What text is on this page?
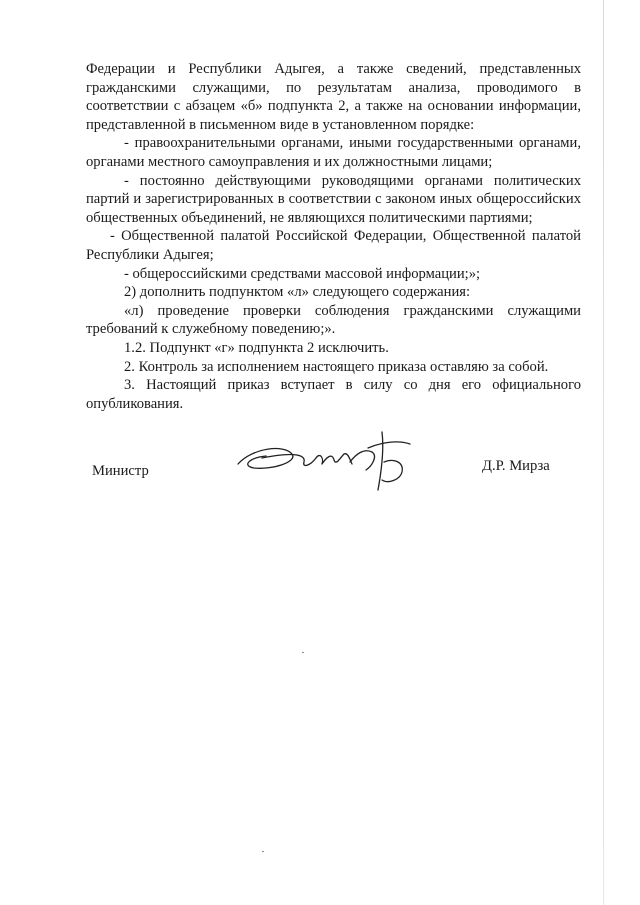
Федерации и Республики Адыгея, а также сведений, представленных гражданскими служащими, по результатам анализа, проводимого в соответствии с абзацем «б» подпункта 2, а также на основании информации, представленной в письменном виде в установленном порядке:

- правоохранительными органами, иными государственными органами, органами местного самоуправления и их должностными лицами;

- постоянно действующими руководящими органами политических партий и зарегистрированных в соответствии с законом иных общероссийских общественных объединений, не являющихся политическими партиями;

- Общественной палатой Российской Федерации, Общественной палатой Республики Адыгея;

- общероссийскими средствами массовой информации;»;

2) дополнить подпунктом «л» следующего содержания:

«л) проведение проверки соблюдения гражданскими служащими требований к служебному поведению;».

1.2. Подпункт «г» подпункта 2 исключить.

2. Контроль за исполнением настоящего приказа оставляю за собой.

3. Настоящий приказ вступает в силу со дня его официального опубликования.

Министр	Д.Р. Мирза
